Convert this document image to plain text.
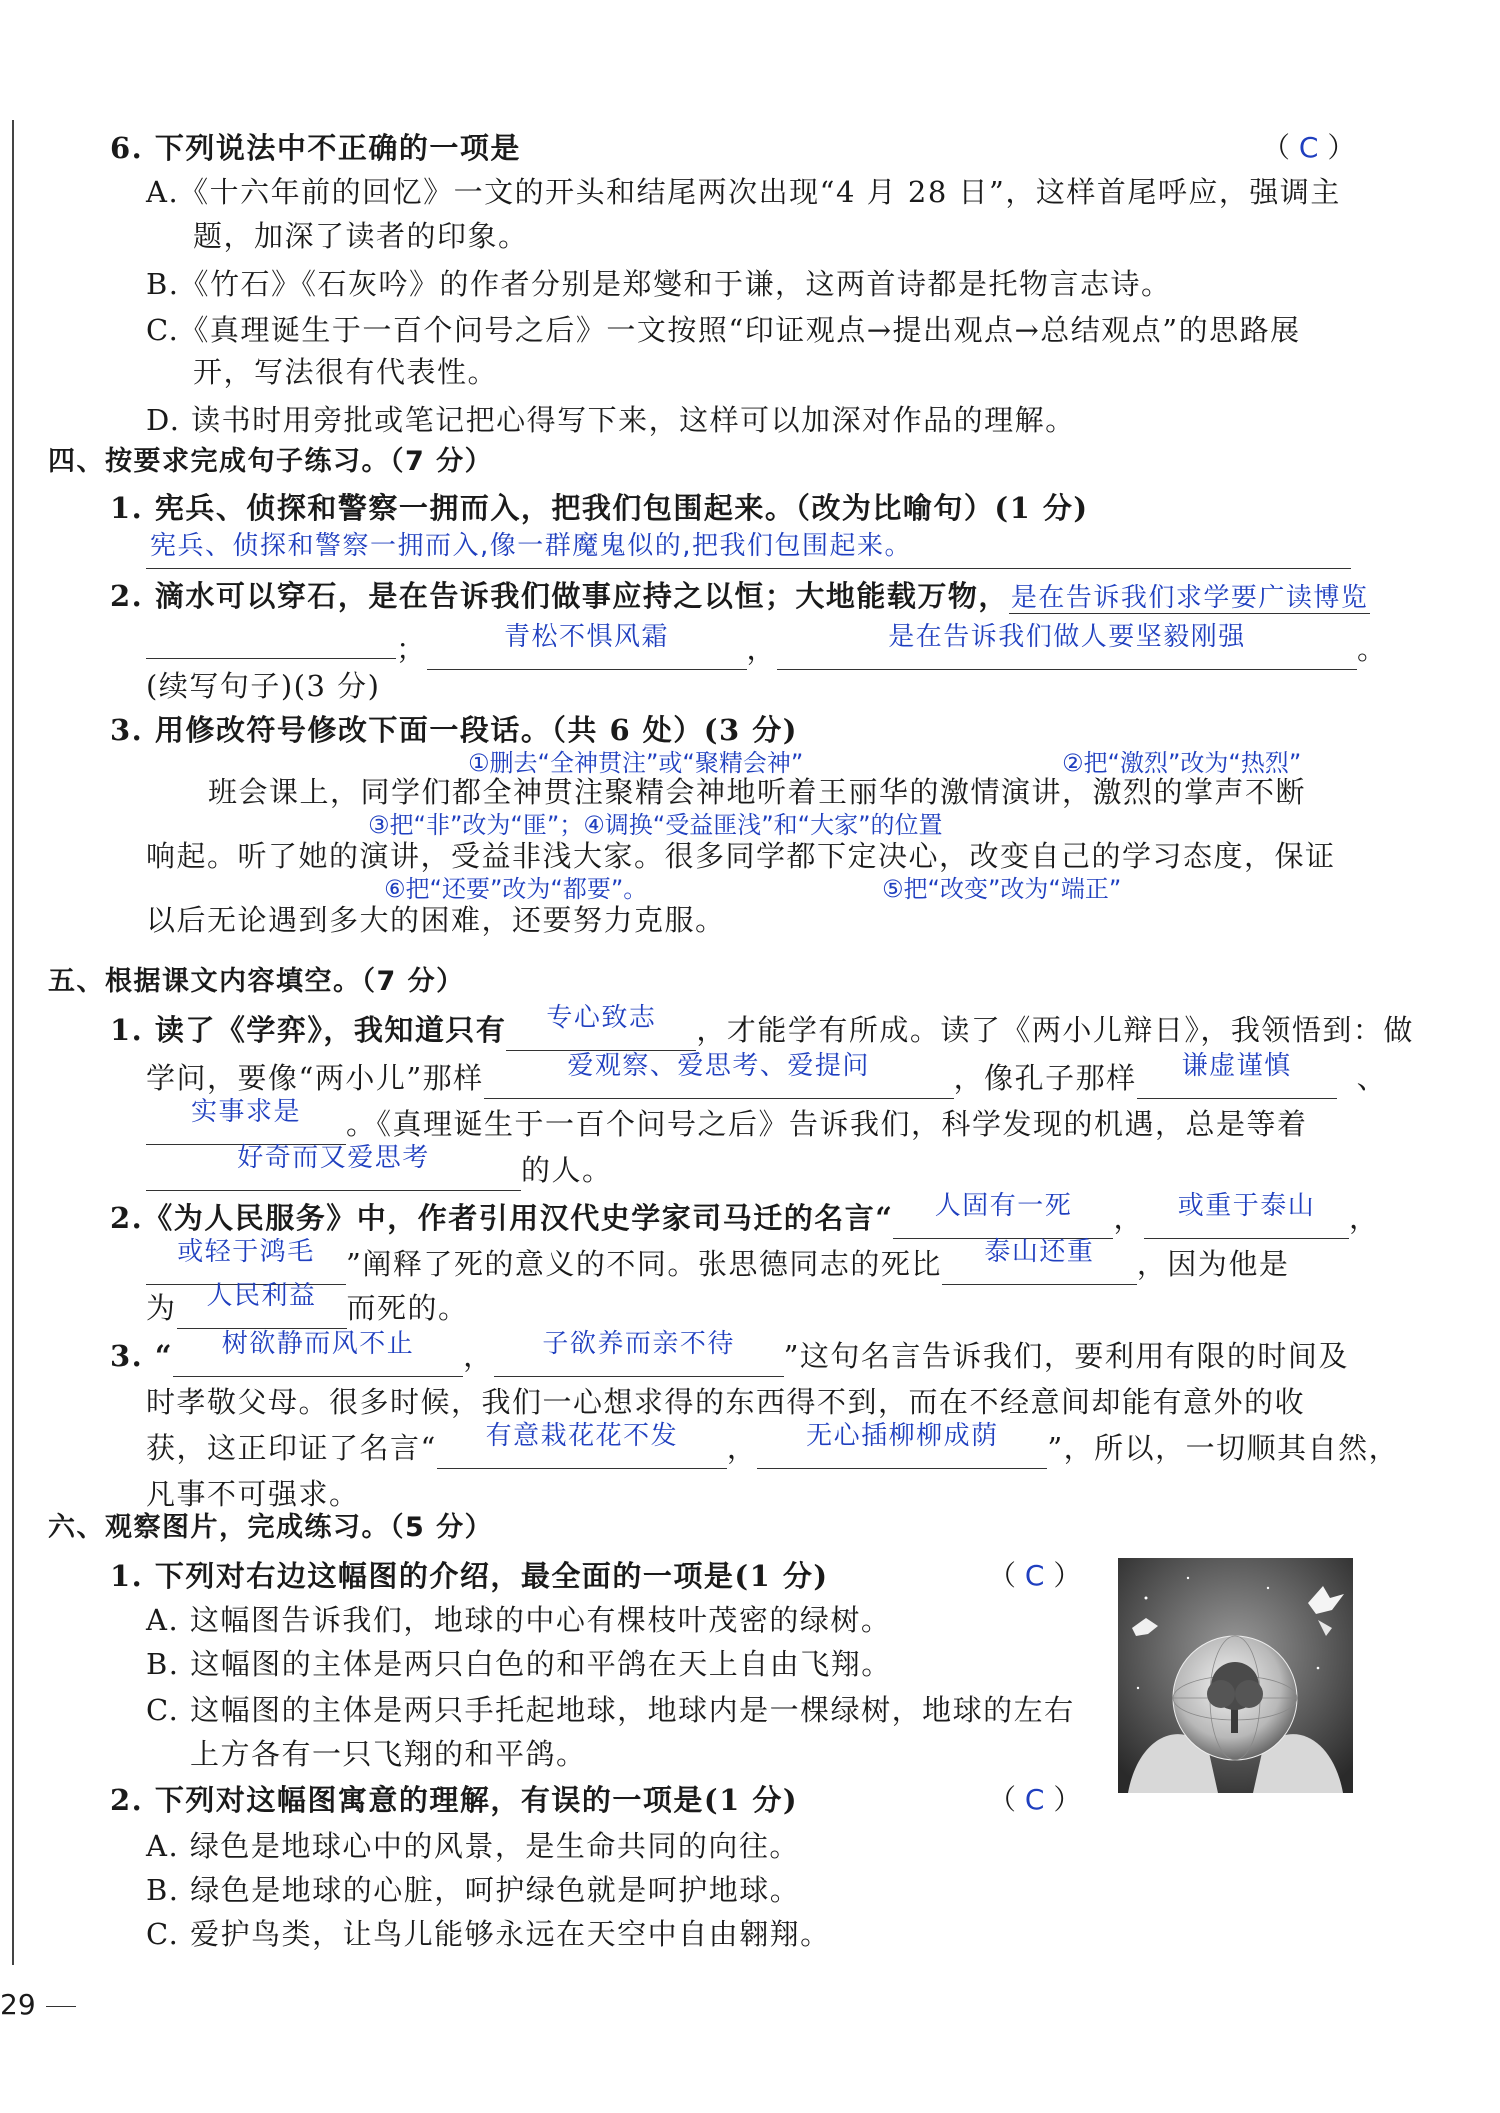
6. 下列说法中不正确的一项是	（ C ）
A.《十六年前的回忆》一文的开头和结尾两次出现“4 月 28 日”，这样首尾呼应，强调主
题，加深了读者的印象。
B.《竹石》《石灰吟》的作者分别是郑燮和于谦，这两首诗都是托物言志诗。
C.《真理诞生于一百个问号之后》一文按照“印证观点→提出观点→总结观点”的思路展
开，写法很有代表性。
D. 读书时用旁批或笔记把心得写下来，这样可以加深对作品的理解。
四、按要求完成句子练习。（7 分）
1. 宪兵、侦探和警察一拥而入，把我们包围起来。（改为比喻句）(1 分)
宪兵、侦探和警察一拥而入,像一群魔鬼似的,把我们包围起来。
2. 滴水可以穿石，是在告诉我们做事应持之以恒；大地能载万物，是在告诉我们求学要广读博览
；	青松不惧风霜	，	是在告诉我们做人要坚毅刚强	。
(续写句子)(3 分)
3. 用修改符号修改下面一段话。（共 6 处）(3 分)
①删去“全神贯注”或“聚精会神”	②把“激烈”改为“热烈”
班会课上，同学们都全神贯注聚精会神地听着王丽华的激情演讲，激烈的掌声不断
③把“非”改为“匪”；④调换“受益匪浅”和“大家”的位置
响起。听了她的演讲，受益非浅大家。很多同学都下定决心，改变自己的学习态度，保证
⑥把“还要”改为“都要”。	⑤把“改变”改为“端正”
以后无论遇到多大的困难，还要努力克服。
五、根据课文内容填空。（7 分）
1. 读了《学弈》，我知道只有 专心致志 ，才能学有所成。读了《两小儿辩日》，我领悟到：做
学问，要像“两小儿”那样	爱观察、爱思考、爱提问	，像孔子那样 谦虚谨慎 、
实事求是 。《真理诞生于一百个问号之后》告诉我们，科学发现的机遇，总是等着
好奇而又爱思考	的人。
2.《为人民服务》中，作者引用汉代史学家司马迁的名言“ 人固有一死 ， 或重于泰山 ，
或轻于鸿毛 ”阐释了死的意义的不同。张思德同志的死比 泰山还重 ，因为他是
为 人民利益 而死的。
3. “ 树欲静而风不止 ， 子欲养而亲不待 ”这句名言告诉我们，要利用有限的时间及
时孝敬父母。很多时候，我们一心想求得的东西得不到，而在不经意间却能有意外的收
获，这正印证了名言“ 有意栽花花不发 ， 无心插柳柳成荫 ”，所以，一切顺其自然，
凡事不可强求。
六、观察图片，完成练习。（5 分）
1. 下列对右边这幅图的介绍，最全面的一项是(1 分)	（ C ）
A. 这幅图告诉我们，地球的中心有棵枝叶茂密的绿树。
B. 这幅图的主体是两只白色的和平鸽在天上自由飞翔。
C. 这幅图的主体是两只手托起地球，地球内是一棵绿树，地球的左右
上方各有一只飞翔的和平鸽。
2. 下列对这幅图寓意的理解，有误的一项是(1 分)	（ C ）
A. 绿色是地球心中的风景，是生命共同的向往。
B. 绿色是地球的心脏，呵护绿色就是呵护地球。
C. 爱护鸟类，让鸟儿能够永远在天空中自由翱翔。
29
